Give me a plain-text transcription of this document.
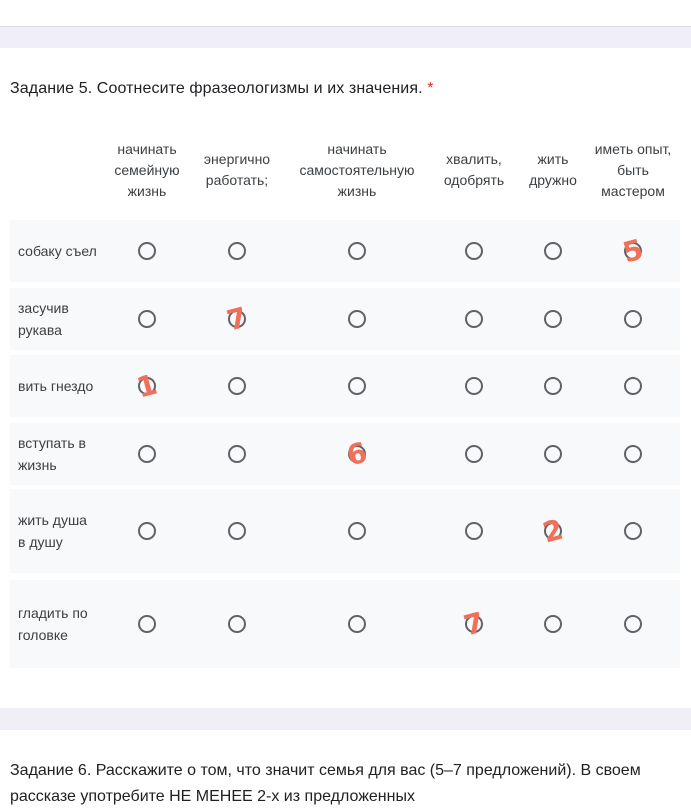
Задание 5. Соотнесите фразеологизмы и их значения. *
начинать семейную жизнь
энергично работать;
начинать самостоятельную жизнь
хвалить, одобрять
жить дружно
иметь опыт, быть мастером
собаку съел
засучив рукава
вить гнездо
вступать в жизнь
жить душа в душу
гладить по головке
5
7
1
6
2
7
Задание 6. Расскажите о том, что значит семья для вас (5–7 предложений). В своем рассказе употребите НЕ МЕНЕЕ 2-х из предложенных
